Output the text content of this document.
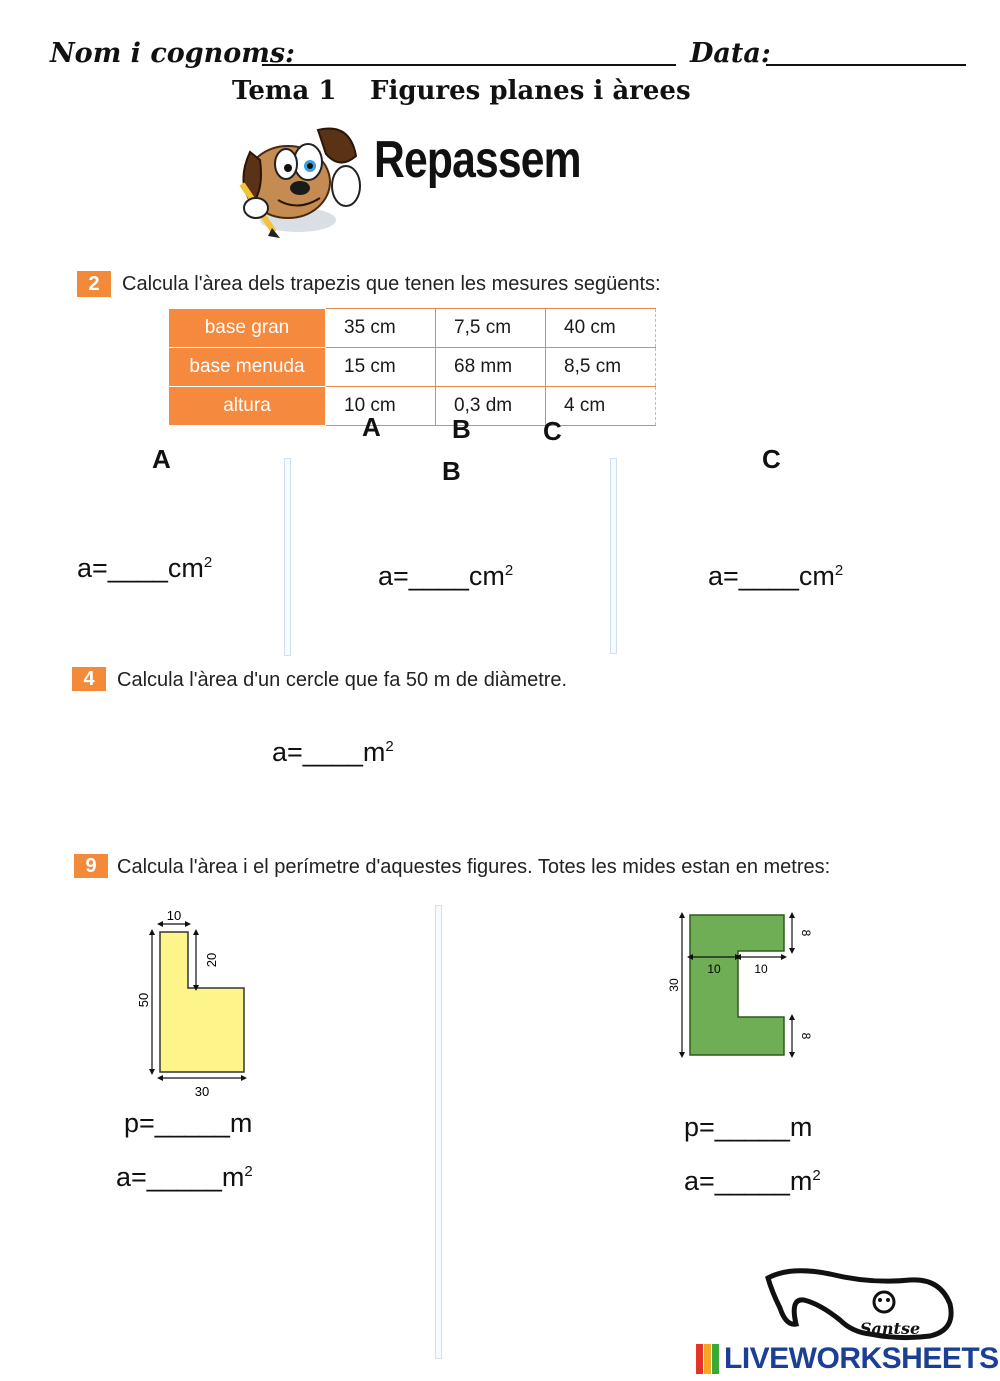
Nom i cognoms:	Data:
Tema 1 Figures planes i àrees
Repassem
2	Calcula l'àrea dels trapezis que tenen les mesures següents:
base gran	35 cm	7,5 cm	40 cm
base menuda	15 cm	68 mm	8,5 cm
altura	10 cm	0,3 dm	4 cm
A	B	C
A	B	C
$a=\_\_\_\_cm^2$	$a=\_\_\_\_cm^2$	$a=\_\_\_\_cm^2$
4	Calcula l'àrea d'un cercle que fa 50 m de diàmetre.
$a=\_\_\_\_m^2$
9	Calcula l'àrea i el perímetre d'aquestes figures. Totes les mides estan en metres:
10
20
50
30
8
10	10
30
8
p=_____m
$a=\_\_\_\_\_m^2$
p=_____m
$a=\_\_\_\_\_m^2$
Santse
LIVEWORKSHEETS
